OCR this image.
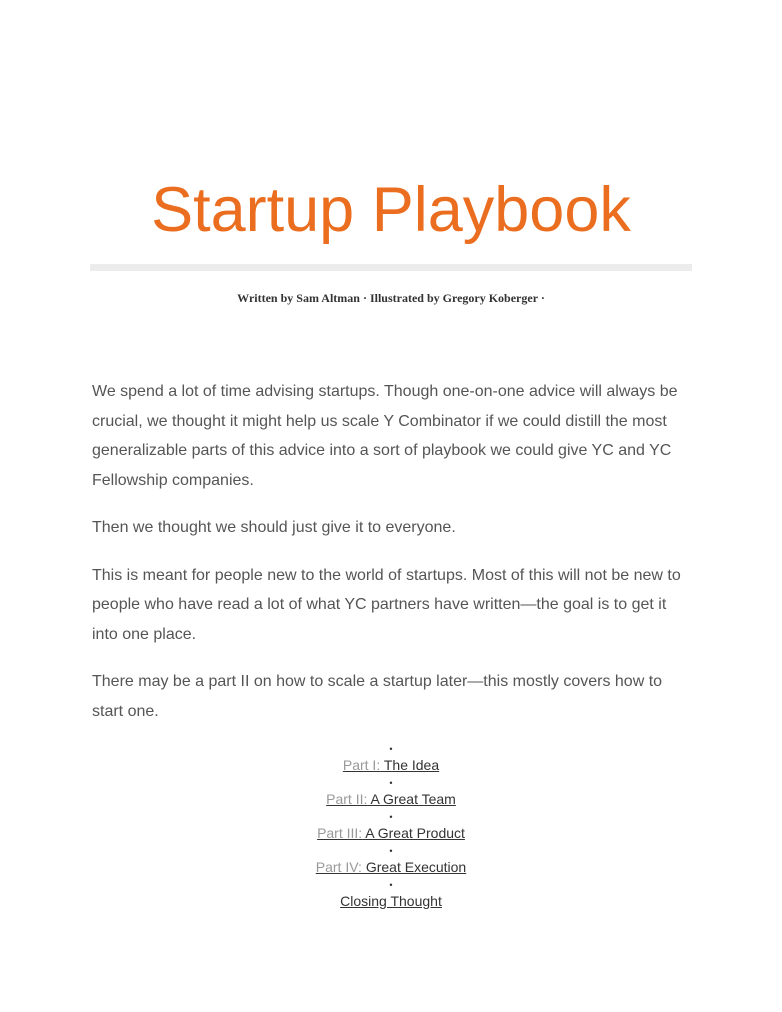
Startup Playbook
Written by Sam Altman · Illustrated by Gregory Koberger ·

We spend a lot of time advising startups. Though one-on-one advice will always be crucial, we thought it might help us scale Y Combinator if we could distill the most generalizable parts of this advice into a sort of playbook we could give YC and YC Fellowship companies.

Then we thought we should just give it to everyone.

This is meant for people new to the world of startups. Most of this will not be new to people who have read a lot of what YC partners have written—the goal is to get it into one place.

There may be a part II on how to scale a startup later—this mostly covers how to start one.

•
Part I: The Idea
•
Part II: A Great Team
•
Part III: A Great Product
•
Part IV: Great Execution
•
Closing Thought
